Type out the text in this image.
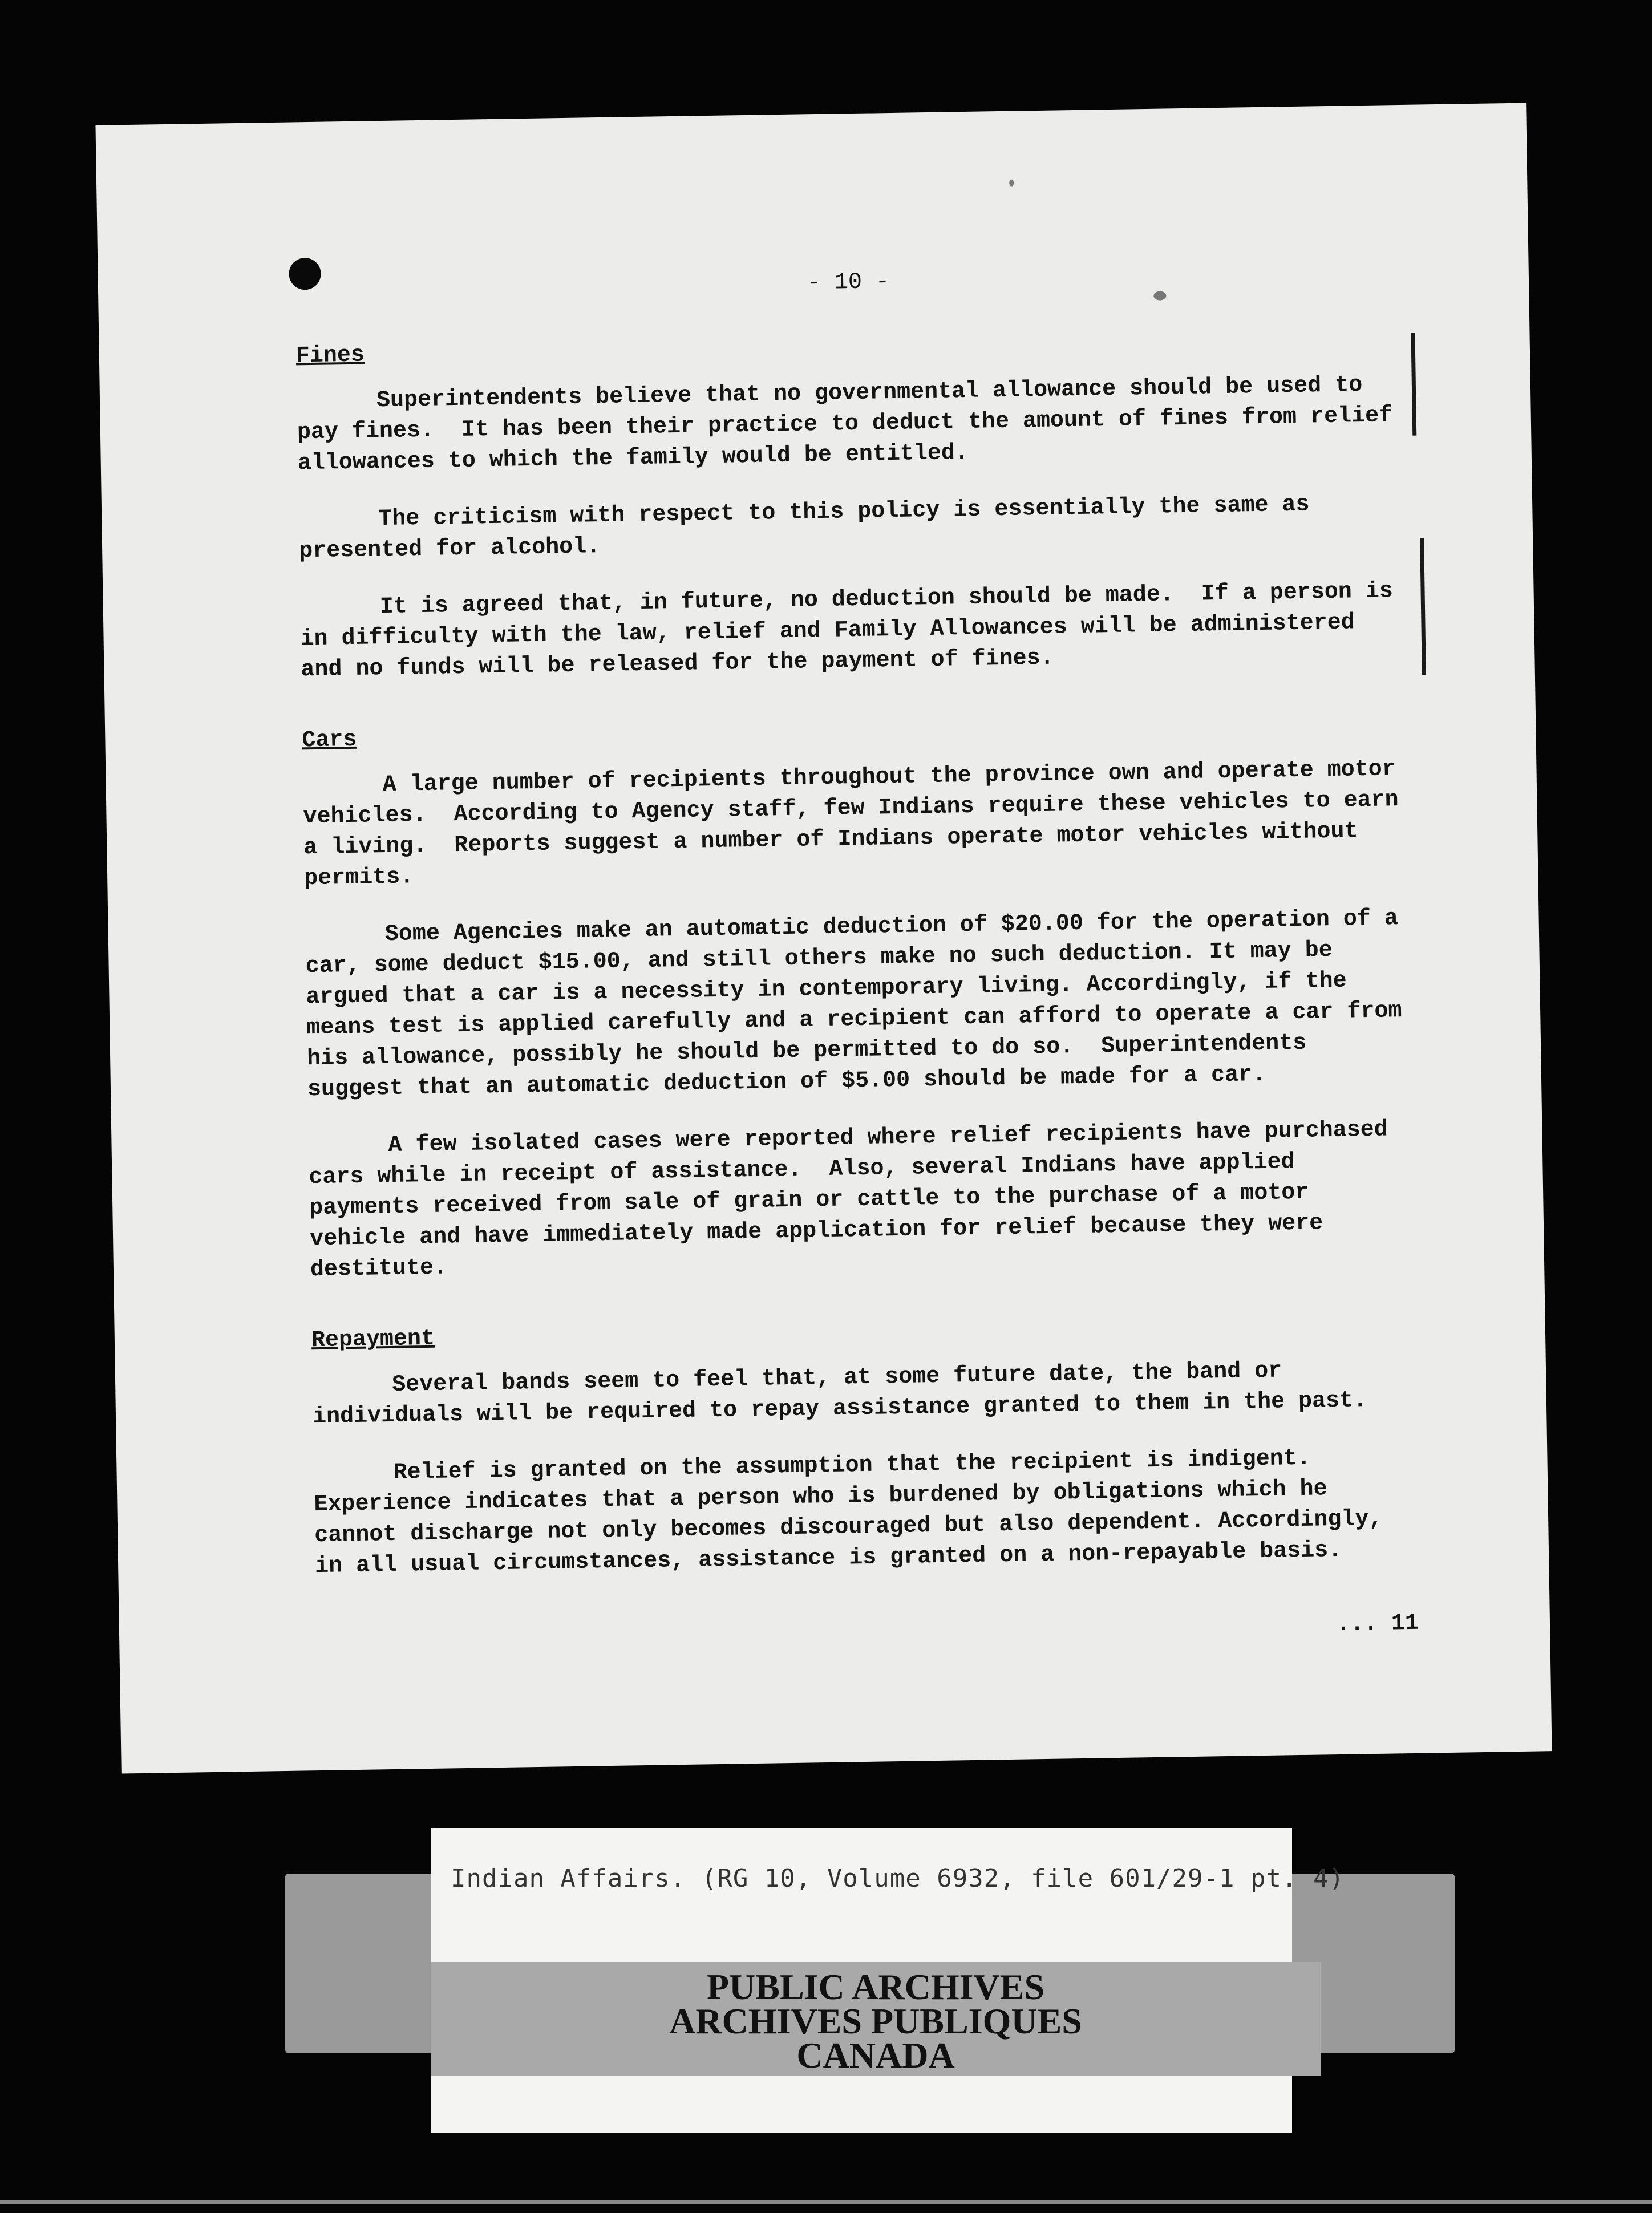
- 10 -
Fines

Superintendents believe that no governmental allowance should be used to pay fines.  It has been their practice to deduct the amount of fines from relief allowances to which the family would be entitled.

The criticism with respect to this policy is essentially the same as presented for alcohol.

It is agreed that, in future, no deduction should be made.  If a person is in difficulty with the law, relief and Family Allowances will be administered and no funds will be released for the payment of fines.

Cars

A large number of recipients throughout the province own and operate motor vehicles.  According to Agency staff, few Indians require these vehicles to earn a living.  Reports suggest a number of Indians operate motor vehicles without permits.

Some Agencies make an automatic deduction of $20.00 for the operation of a car, some deduct $15.00, and still others make no such deduction. It may be argued that a car is a necessity in contemporary living. Accordingly, if the means test is applied carefully and a recipient can afford to operate a car from his allowance, possibly he should be permitted to do so.  Superintendents suggest that an automatic deduction of $5.00 should be made for a car.

A few isolated cases were reported where relief recipients have purchased cars while in receipt of assistance.  Also, several Indians have applied payments received from sale of grain or cattle to the purchase of a motor vehicle and have immediately made application for relief because they were destitute.

Repayment

Several bands seem to feel that, at some future date, the band or individuals will be required to repay assistance granted to them in the past.

Relief is granted on the assumption that the recipient is indigent. Experience indicates that a person who is burdened by obligations which he cannot discharge not only becomes discouraged but also dependent. Accordingly, in all usual circumstances, assistance is granted on a non-repayable basis.

... 11
Indian Affairs. (RG 10, Volume 6932, file 601/29-1 pt. 4)
PUBLIC ARCHIVES
ARCHIVES PUBLIQUES
CANADA
